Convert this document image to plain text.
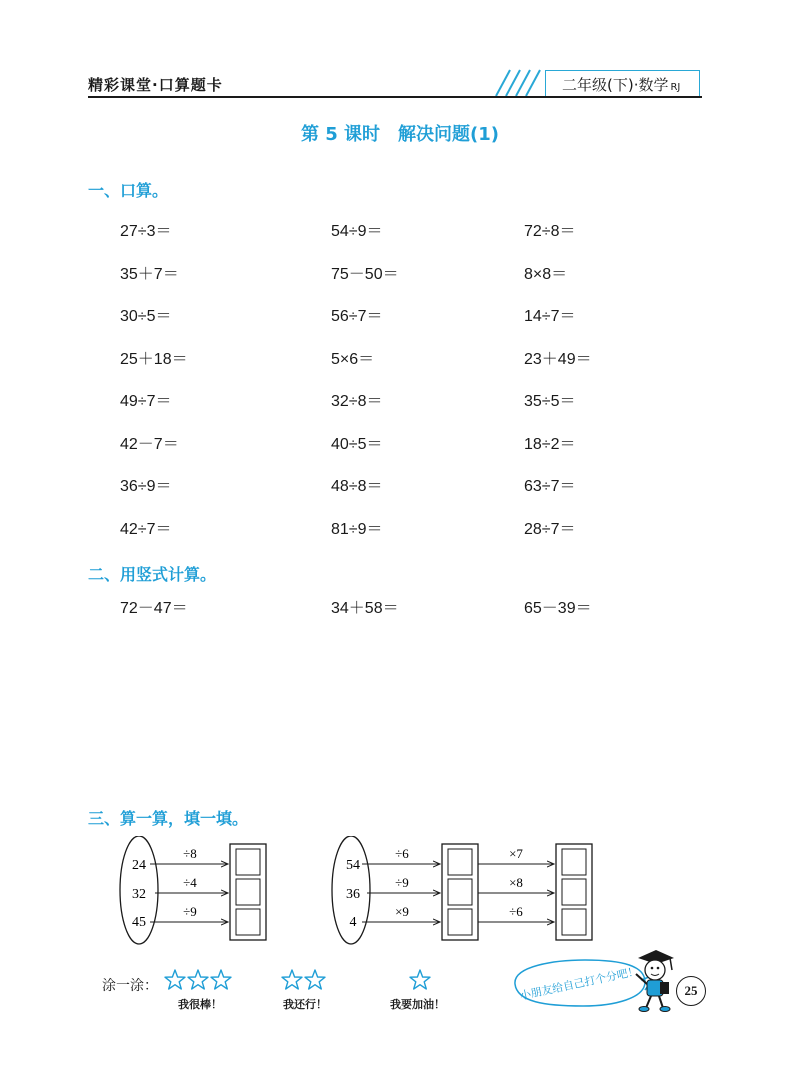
精彩课堂·口算题卡	二年级(下)·数学 RJ
第 5 课时　解决问题(1)
一、口算。
27÷3＝	54÷9＝	72÷8＝
35＋7＝	75－50＝	8×8＝
30÷5＝	56÷7＝	14÷7＝
25＋18＝	5×6＝	23＋49＝
49÷7＝	32÷8＝	35÷5＝
42－7＝	40÷5＝	18÷2＝
36÷9＝	48÷8＝	63÷7＝
42÷7＝	81÷9＝	28÷7＝
二、用竖式计算。
72－47＝	34＋58＝	65－39＝
三、算一算，填一填。
24
32
45
÷8
÷4
÷9
54
36
4
÷6
÷9
×9
×7
×8
÷6
涂一涂：
我很棒！	我还行！	我要加油！
小朋友给自己打个分吧！	25
